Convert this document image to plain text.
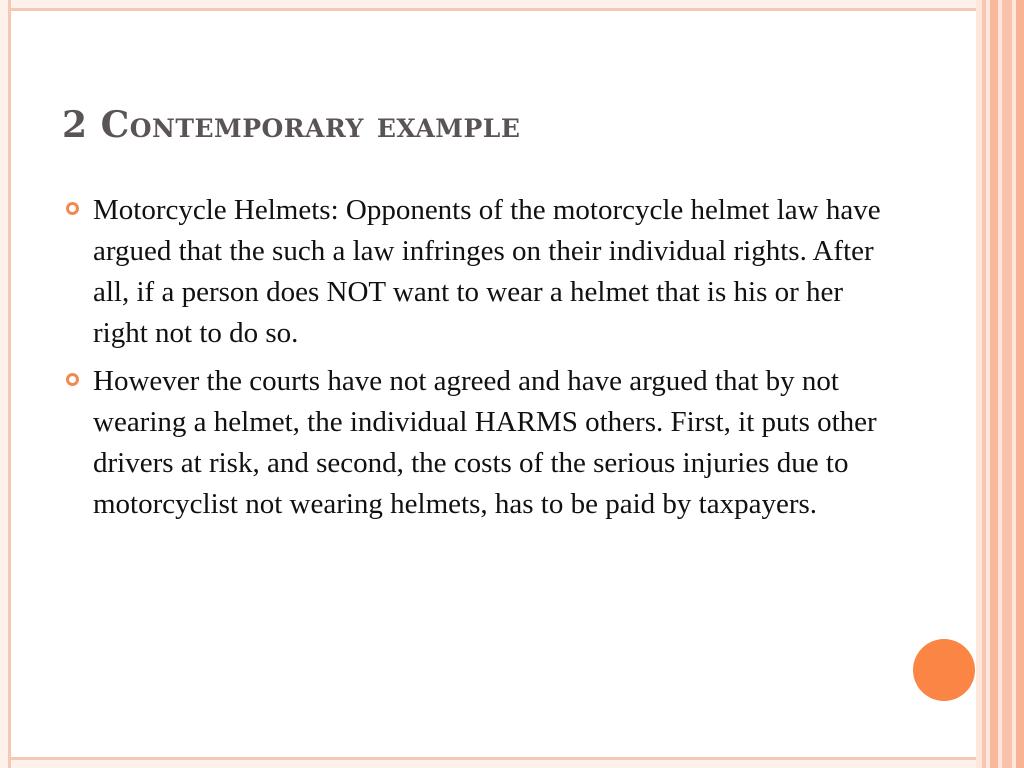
2 Contemporary example
Motorcycle Helmets: Opponents of the motorcycle helmet law have argued that the such a law infringes on their individual rights. After all, if a person does NOT want to wear a helmet that is his or her right not to do so.
However the courts have not agreed and have argued that by not wearing a helmet, the individual HARMS others. First, it puts other drivers at risk, and second, the costs of the serious injuries due to motorcyclist not wearing helmets, has to be paid by taxpayers.
